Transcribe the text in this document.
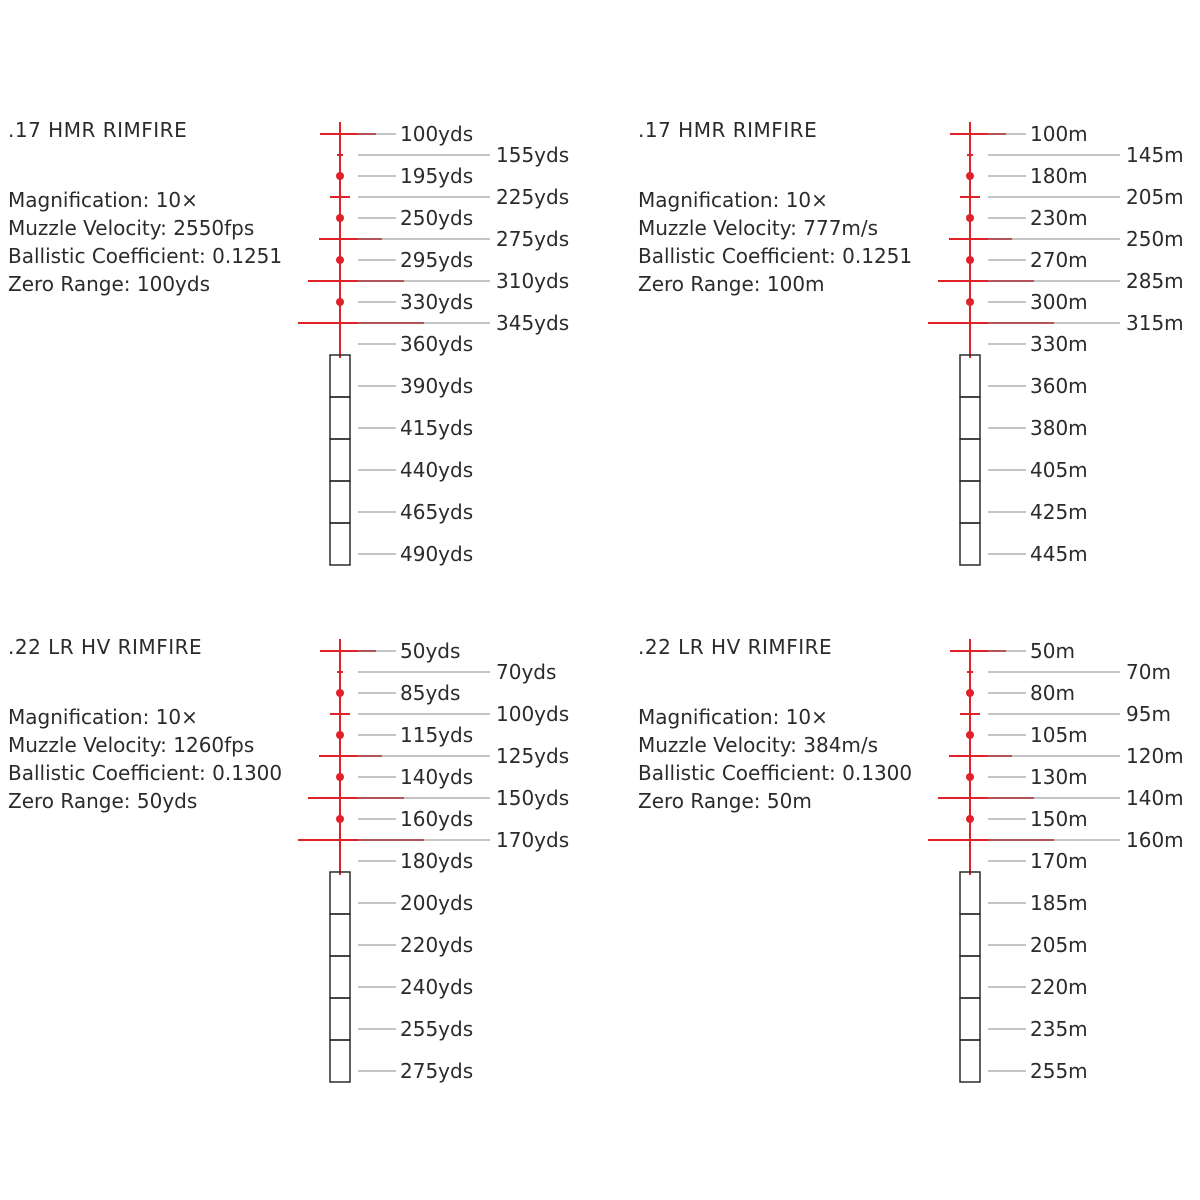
.17 HMR RIMFIRE

Magnification: 10×

Muzzle Velocity: 2550fps

Ballistic Coefficient: 0.1251

Zero Range: 100yds

100yds
195yds
250yds
295yds
330yds
360yds
390yds
415yds
440yds
465yds
490yds
155yds
225yds
275yds
310yds
345yds

.17 HMR RIMFIRE

Magnification: 10×

Muzzle Velocity: 777m/s

Ballistic Coefficient: 0.1251

Zero Range: 100m

100m
180m
230m
270m
300m
330m
360m
380m
405m
425m
445m
145m
205m
250m
285m
315m

.22 LR HV RIMFIRE

Magnification: 10×

Muzzle Velocity: 1260fps

Ballistic Coefficient: 0.1300

Zero Range: 50yds

50yds
85yds
115yds
140yds
160yds
180yds
200yds
220yds
240yds
255yds
275yds
70yds
100yds
125yds
150yds
170yds

.22 LR HV RIMFIRE

Magnification: 10×

Muzzle Velocity: 384m/s

Ballistic Coefficient: 0.1300

Zero Range: 50m

50m
80m
105m
130m
150m
170m
185m
205m
220m
235m
255m
70m
95m
120m
140m
160m
